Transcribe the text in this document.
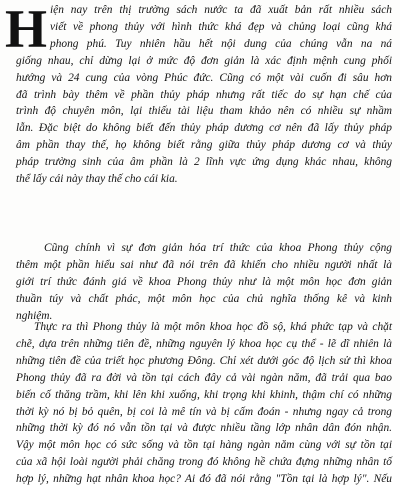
H iện nay trên thị trường sách nước ta đã xuất bản rất nhiều sách
viết về phong thủy với hình thức khá đẹp và chủng loại cũng khá
phong phú. Tuy nhiên hầu hết nội dung của chúng vẫn na ná
giống nhau, chỉ dừng lại ở mức độ đơn giản là xác định mệnh cung phối
hướng và 24 cung của vòng Phúc đức. Cũng có một vài cuốn đi sâu hơn
đã trình bày thêm về phần thủy pháp nhưng rất tiếc do sự hạn chế của
trình độ chuyên môn, lại thiếu tài liệu tham khảo nên có nhiều sự nhầm
lẫn. Đặc biệt do không biết đến thủy pháp dương cơ nên đã lấy thủy pháp
âm phần thay thế, họ không biết rằng giữa thủy pháp dương cơ và thủy
pháp trường sinh của âm phần là 2 lĩnh vực ứng dụng khác nhau, không
thể lấy cái này thay thế cho cái kia.
Cũng chính vì sự đơn giản hóa trí thức của khoa Phong thủy cộng
thêm một phần hiểu sai như đã nói trên đã khiến cho nhiều người nhất là
giới trí thức đánh giá về khoa Phong thủy như là một môn học đơn giản
thuần túy và chất phác, một môn học của chủ nghĩa thống kê và kinh
nghiệm.
Thực ra thì Phong thủy là một môn khoa học đồ sộ, khá phức tạp và chặt
chẽ, dựa trên những tiên đề, những nguyên lý khoa học cụ thể - lẽ dĩ nhiên là
những tiên đề của triết học phương Đông. Chỉ xét dưới góc độ lịch sử thì khoa
Phong thủy đã ra đời và tồn tại cách đây cả vài ngàn năm, đã trải qua bao
biến cố thăng trầm, khi lên khi xuống, khi trọng khi khinh, thậm chí có những
thời kỳ nó bị bỏ quên, bị coi là mê tín và bị cấm đoán - nhưng ngay cả trong
những thời kỳ đó nó vẫn tồn tại và được nhiều tầng lớp nhân dân đón nhận.
Vậy một môn học có sức sống và tồn tại hàng ngàn năm cùng với sự tồn tại
của xã hội loài người phải chăng trong đó không hề chứa đựng những nhân tố
hợp lý, những hạt nhân khoa học? Ai đó đã nói rằng "Tồn tại là hợp lý". Nếu
